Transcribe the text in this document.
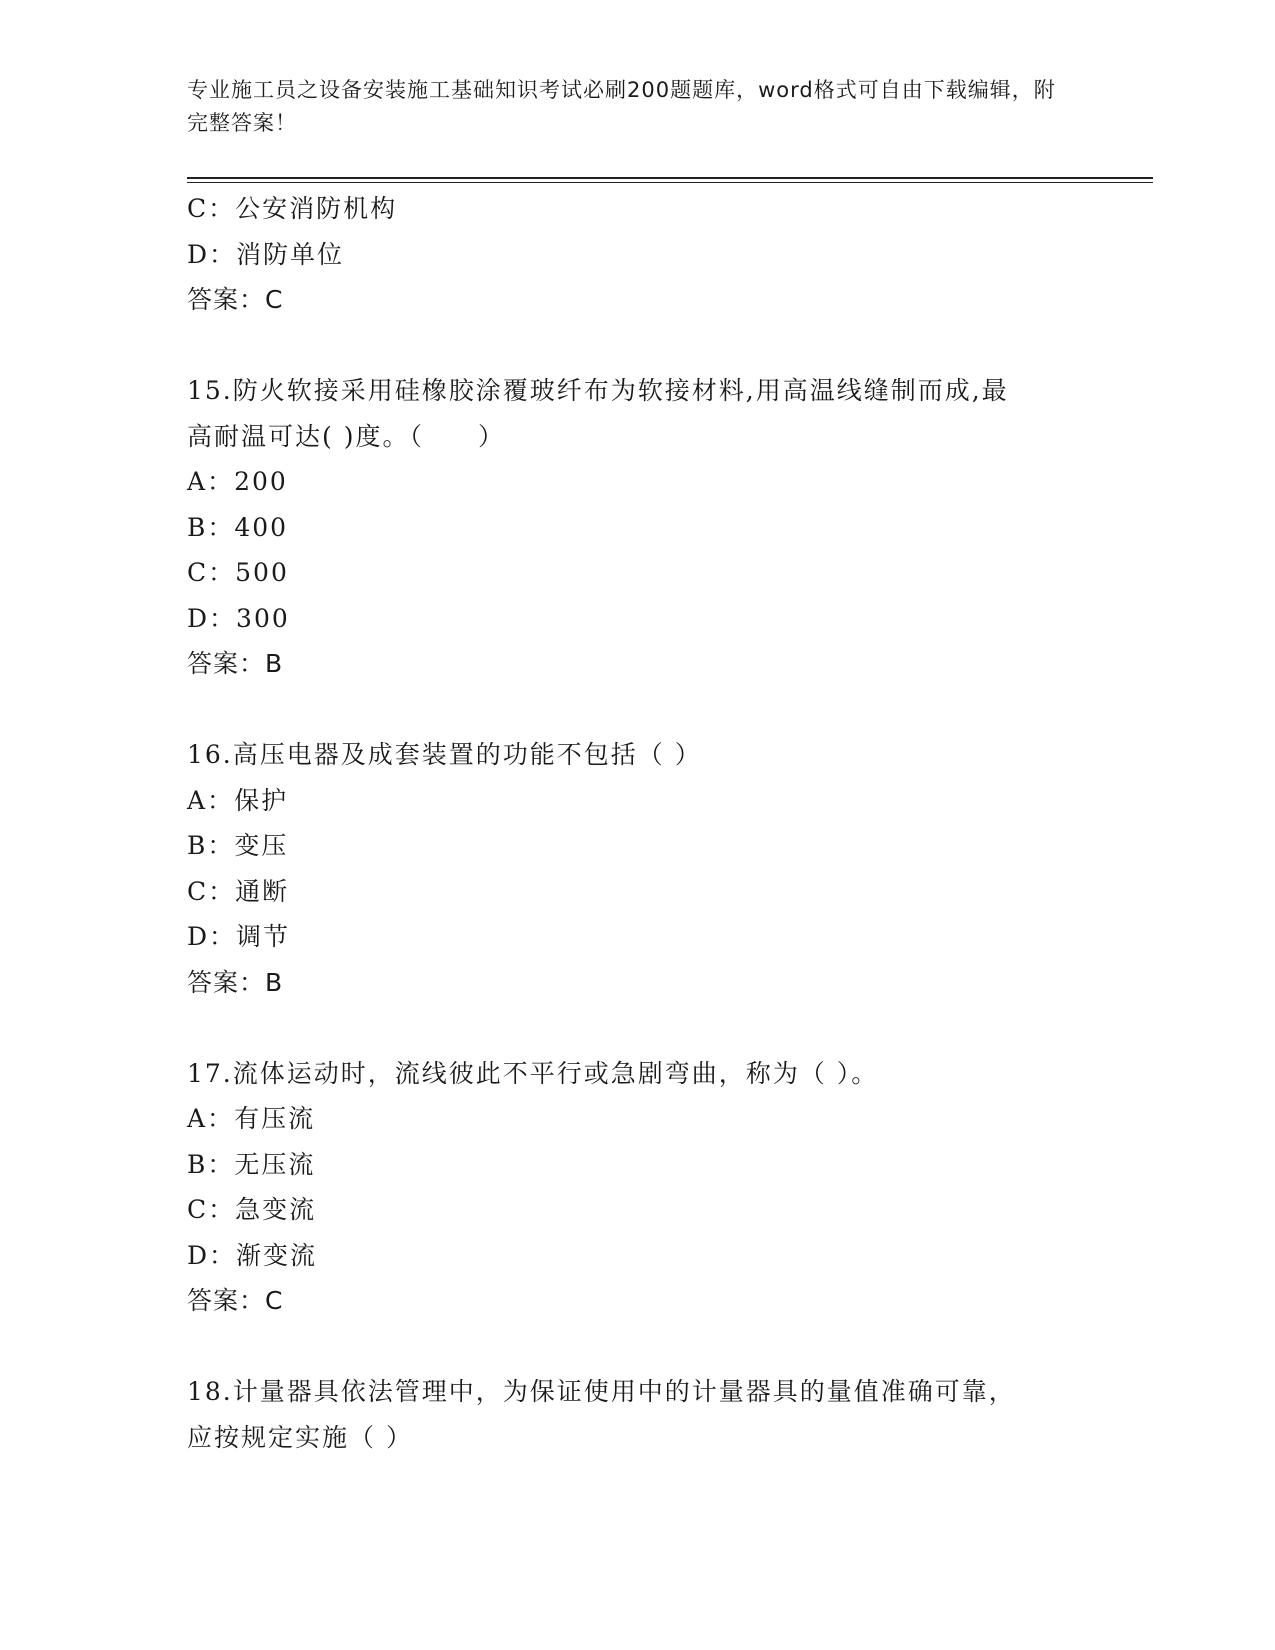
专业施工员之设备安装施工基础知识考试必刷200题题库，word格式可自由下载编辑，附完整答案！
C：公安消防机构
D：消防单位
答案：C
15.防火软接采用硅橡胶涂覆玻纤布为软接材料,用高温线缝制而成,最
高耐温可达( )度。（　　）
A：200
B：400
C：500
D：300
答案：B
16.高压电器及成套装置的功能不包括（ ）
A：保护
B：变压
C：通断
D：调节
答案：B
17.流体运动时，流线彼此不平行或急剧弯曲，称为（ ）。
A：有压流
B：无压流
C：急变流
D：渐变流
答案：C
18.计量器具依法管理中，为保证使用中的计量器具的量值准确可靠，
应按规定实施（ ）
